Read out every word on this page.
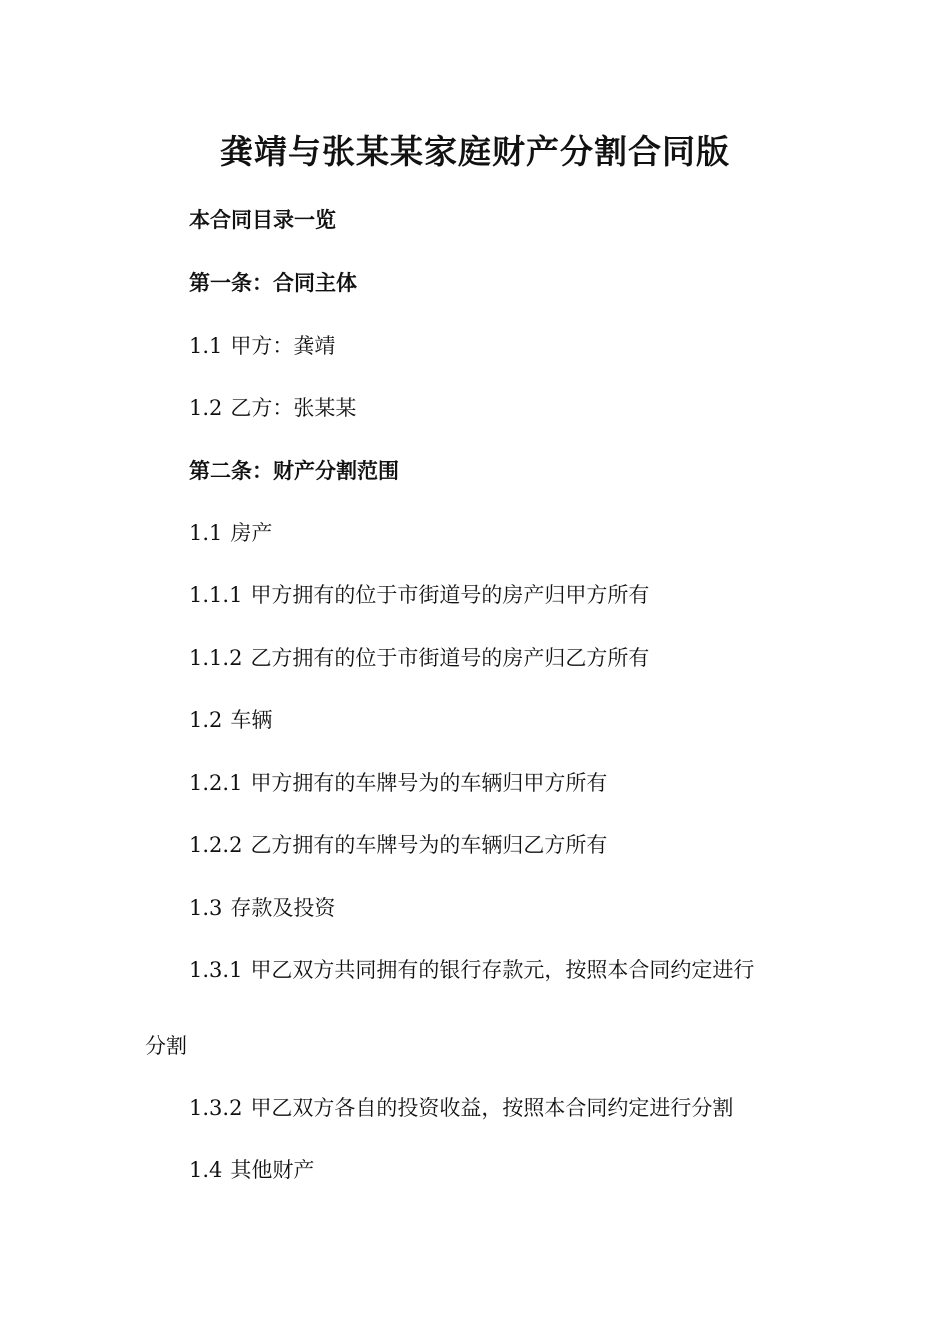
龚靖与张某某家庭财产分割合同版

本合同目录一览

第一条：合同主体

1.1 甲方：龚靖

1.2 乙方：张某某

第二条：财产分割范围

1.1 房产

1.1.1 甲方拥有的位于市街道号的房产归甲方所有

1.1.2 乙方拥有的位于市街道号的房产归乙方所有

1.2 车辆

1.2.1 甲方拥有的车牌号为的车辆归甲方所有

1.2.2 乙方拥有的车牌号为的车辆归乙方所有

1.3 存款及投资

1.3.1 甲乙双方共同拥有的银行存款元，按照本合同约定进行

分割

1.3.2 甲乙双方各自的投资收益，按照本合同约定进行分割

1.4 其他财产
